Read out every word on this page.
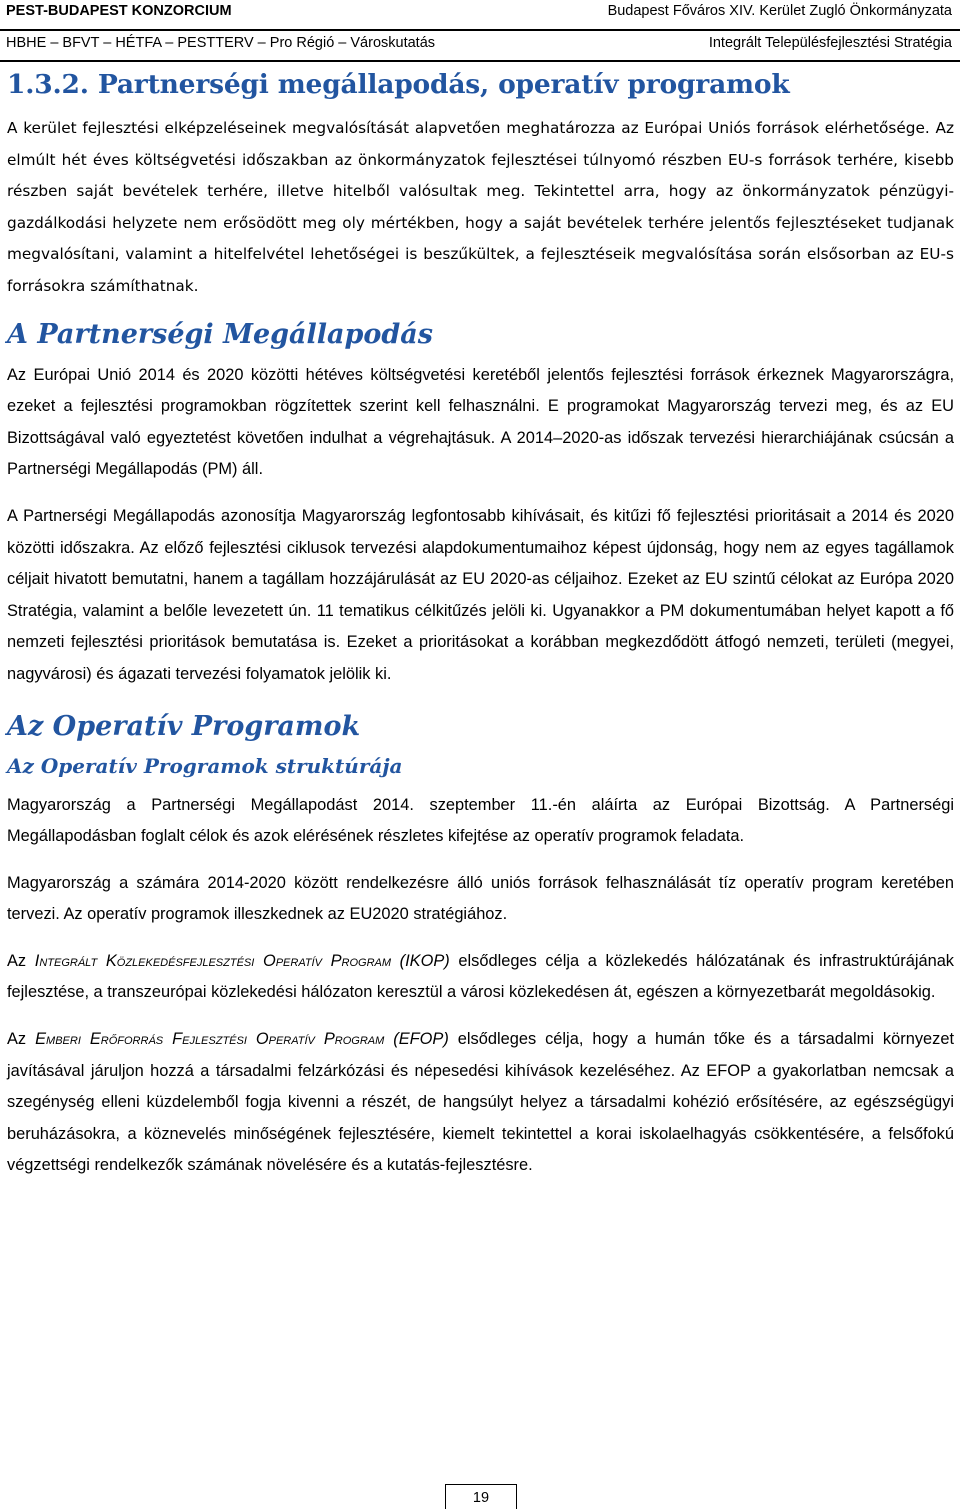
PEST-BUDAPEST KONZORCIUM	Budapest Főváros XIV. Kerület Zugló Önkormányzata
HBHE – BFVT – HÉTFA – PESTTERV – Pro Régió – Városkutatás	Integrált Településfejlesztési Stratégia
1.3.2. Partnerségi megállapodás, operatív programok

A kerület fejlesztési elképzeléseinek megvalósítását alapvetően meghatározza az Európai Uniós források elérhetősége. Az elmúlt hét éves költségvetési időszakban az önkormányzatok fejlesztései túlnyomó részben EU-s források terhére, kisebb részben saját bevételek terhére, illetve hitelből valósultak meg. Tekintettel arra, hogy az önkormányzatok pénzügyi-gazdálkodási helyzete nem erősödött meg oly mértékben, hogy a saját bevételek terhére jelentős fejlesztéseket tudjanak megvalósítani, valamint a hitelfelvétel lehetőségei is beszűkültek, a fejlesztéseik megvalósítása során elsősorban az EU-s forrásokra számíthatnak.

A Partnerségi Megállapodás

Az Európai Unió 2014 és 2020 közötti hétéves költségvetési keretéből jelentős fejlesztési források érkeznek Magyarországra, ezeket a fejlesztési programokban rögzítettek szerint kell felhasználni. E programokat Magyarország tervezi meg, és az EU Bizottságával való egyeztetést követően indulhat a végrehajtásuk. A 2014–2020-as időszak tervezési hierarchiájának csúcsán a Partnerségi Megállapodás (PM) áll.

A Partnerségi Megállapodás azonosítja Magyarország legfontosabb kihívásait, és kitűzi fő fejlesztési prioritásait a 2014 és 2020 közötti időszakra. Az előző fejlesztési ciklusok tervezési alapdokumentumaihoz képest újdonság, hogy nem az egyes tagállamok céljait hivatott bemutatni, hanem a tagállam hozzájárulását az EU 2020-as céljaihoz. Ezeket az EU szintű célokat az Európa 2020 Stratégia, valamint a belőle levezetett ún. 11 tematikus célkitűzés jelöli ki. Ugyanakkor a PM dokumentumában helyet kapott a fő nemzeti fejlesztési prioritások bemutatása is. Ezeket a prioritásokat a korábban megkezdődött átfogó nemzeti, területi (megyei, nagyvárosi) és ágazati tervezési folyamatok jelölik ki.

Az Operatív Programok
Az Operatív Programok struktúrája

Magyarország a Partnerségi Megállapodást 2014. szeptember 11.-én aláírta az Európai Bizottság. A Partnerségi Megállapodásban foglalt célok és azok elérésének részletes kifejtése az operatív programok feladata.

Magyarország a számára 2014-2020 között rendelkezésre álló uniós források felhasználását tíz operatív program keretében tervezi. Az operatív programok illeszkednek az EU2020 stratégiához.

Az Integrált Közlekedésfejlesztési Operatív Program (IKOP) elsődleges célja a közlekedés hálózatának és infrastruktúrájának fejlesztése, a transzeurópai közlekedési hálózaton keresztül a városi közlekedésen át, egészen a környezetbarát megoldásokig.

Az Emberi Erőforrás Fejlesztési Operatív Program (EFOP) elsődleges célja, hogy a humán tőke és a társadalmi környezet javításával járuljon hozzá a társadalmi felzárkózási és népesedési kihívások kezeléséhez. Az EFOP a gyakorlatban nemcsak a szegénység elleni küzdelemből fogja kivenni a részét, de hangsúlyt helyez a társadalmi kohézió erősítésére, az egészségügyi beruházásokra, a köznevelés minőségének fejlesztésére, kiemelt tekintettel a korai iskolaelhagyás csökkentésére, a felsőfokú végzettségi rendelkezők számának növelésére és a kutatás-fejlesztésre.

19
